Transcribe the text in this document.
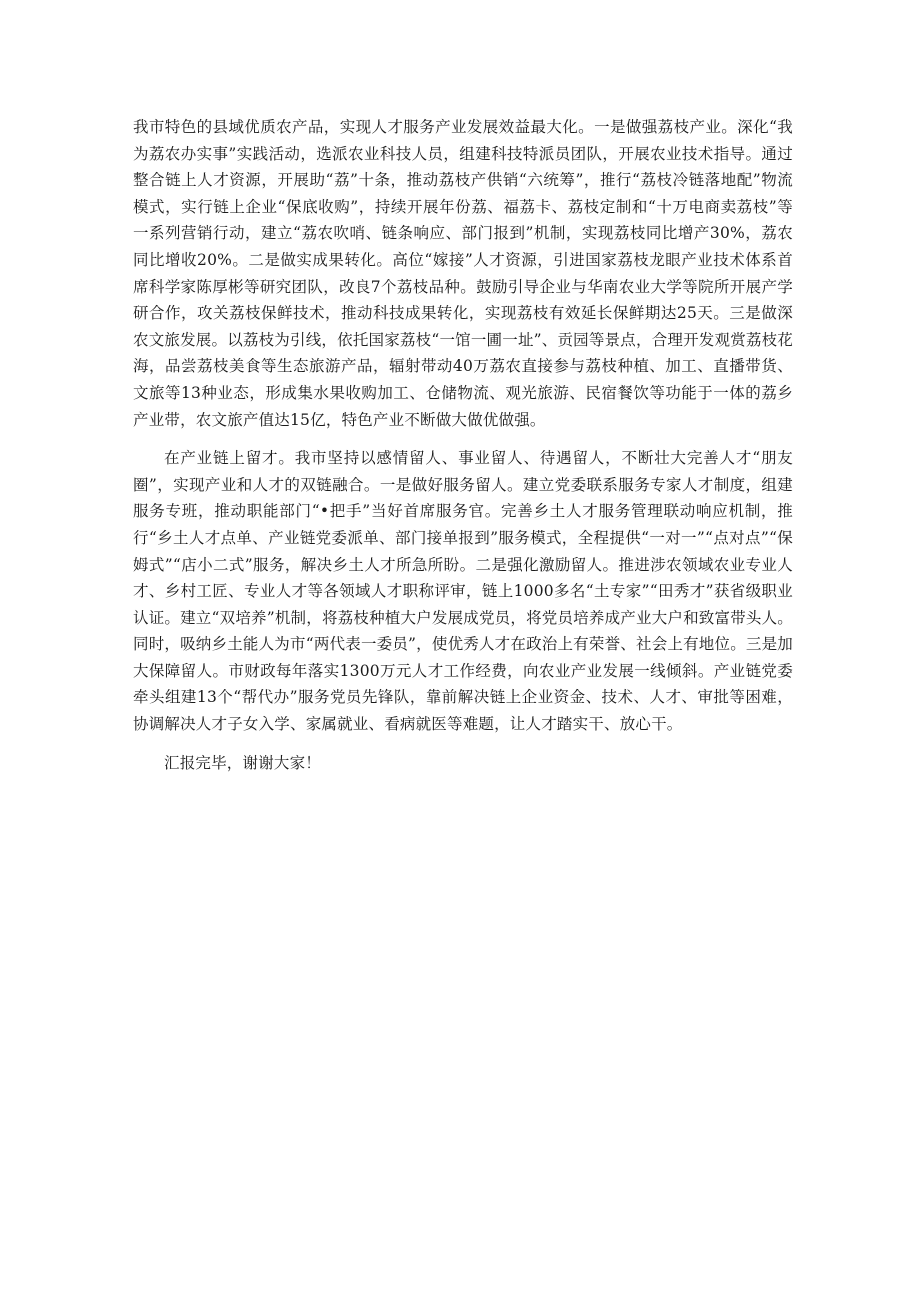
我市特色的县域优质农产品，实现人才服务产业发展效益最大化。一是做强荔枝产业。深化“我为荔农办实事”实践活动，选派农业科技人员，组建科技特派员团队，开展农业技术指导。通过整合链上人才资源，开展助“荔”十条，推动荔枝产供销“六统筹”，推行“荔枝冷链落地配”物流模式，实行链上企业“保底收购”，持续开展年份荔、福荔卡、荔枝定制和“十万电商卖荔枝”等一系列营销行动，建立“荔农吹哨、链条响应、部门报到”机制，实现荔枝同比增产30%，荔农同比增收20%。二是做实成果转化。高位“嫁接”人才资源，引进国家荔枝龙眼产业技术体系首席科学家陈厚彬等研究团队，改良7个荔枝品种。鼓励引导企业与华南农业大学等院所开展产学研合作，攻关荔枝保鲜技术，推动科技成果转化，实现荔枝有效延长保鲜期达25天。三是做深农文旅发展。以荔枝为引线，依托国家荔枝“一馆一圃一址”、贡园等景点，合理开发观赏荔枝花海，品尝荔枝美食等生态旅游产品，辐射带动40万荔农直接参与荔枝种植、加工、直播带货、文旅等13种业态，形成集水果收购加工、仓储物流、观光旅游、民宿餐饮等功能于一体的荔乡产业带，农文旅产值达15亿，特色产业不断做大做优做强。

在产业链上留才。我市坚持以感情留人、事业留人、待遇留人，不断壮大完善人才“朋友圈”，实现产业和人才的双链融合。一是做好服务留人。建立党委联系服务专家人才制度，组建服务专班，推动职能部门“•把手”当好首席服务官。完善乡土人才服务管理联动响应机制，推行“乡土人才点单、产业链党委派单、部门接单报到”服务模式，全程提供“一对一”“点对点”“保姆式”“店小二式”服务，解决乡土人才所急所盼。二是强化激励留人。推进涉农领域农业专业人才、乡村工匠、专业人才等各领域人才职称评审，链上1000多名“土专家”“田秀才”获省级职业认证。建立“双培养”机制，将荔枝种植大户发展成党员，将党员培养成产业大户和致富带头人。同时，吸纳乡土能人为市“两代表一委员”，使优秀人才在政治上有荣誉、社会上有地位。三是加大保障留人。市财政每年落实1300万元人才工作经费，向农业产业发展一线倾斜。产业链党委牵头组建13个“帮代办”服务党员先锋队，靠前解决链上企业资金、技术、人才、审批等困难，协调解决人才子女入学、家属就业、看病就医等难题，让人才踏实干、放心干。

汇报完毕，谢谢大家！
